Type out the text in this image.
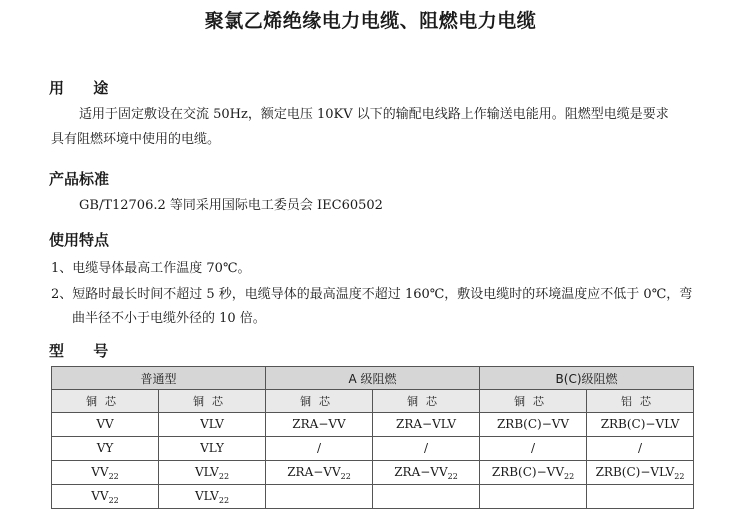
聚氯乙烯绝缘电力电缆、阻燃电力电缆
用 途
适用于固定敷设在交流 50Hz，额定电压 10KV 以下的输配电线路上作输送电能用。阻燃型电缆是要求
具有阻燃环境中使用的电缆。
产品标准
GB/T12706.2 等同采用国际电工委员会 IEC60502
使用特点
1、电缆导体最高工作温度 70℃。
2、短路时最长时间不超过 5 秒，电缆导体的最高温度不超过 160℃，敷设电缆时的环境温度应不低于 0℃，弯
曲半径不小于电缆外径的 10 倍。
型 号
普通型		A 级阻燃		B(C)级阻燃	
铜芯	铜芯	铜芯	铜芯	铜芯	铝芯
VV	VLV	ZRA−VV	ZRA−VLV	ZRB(C)−VV	ZRB(C)−VLV
VY	VLY	/	/	/	/
$VV_{22}$	$VLV_{22}$	$ZRA-VV_{22}$	$ZRA-VV_{22}$	$ZRB(C)-VV_{22}$	$ZRB(C)-VLV_{22}$
$VV_{22}$	$VLV_{22}$				
